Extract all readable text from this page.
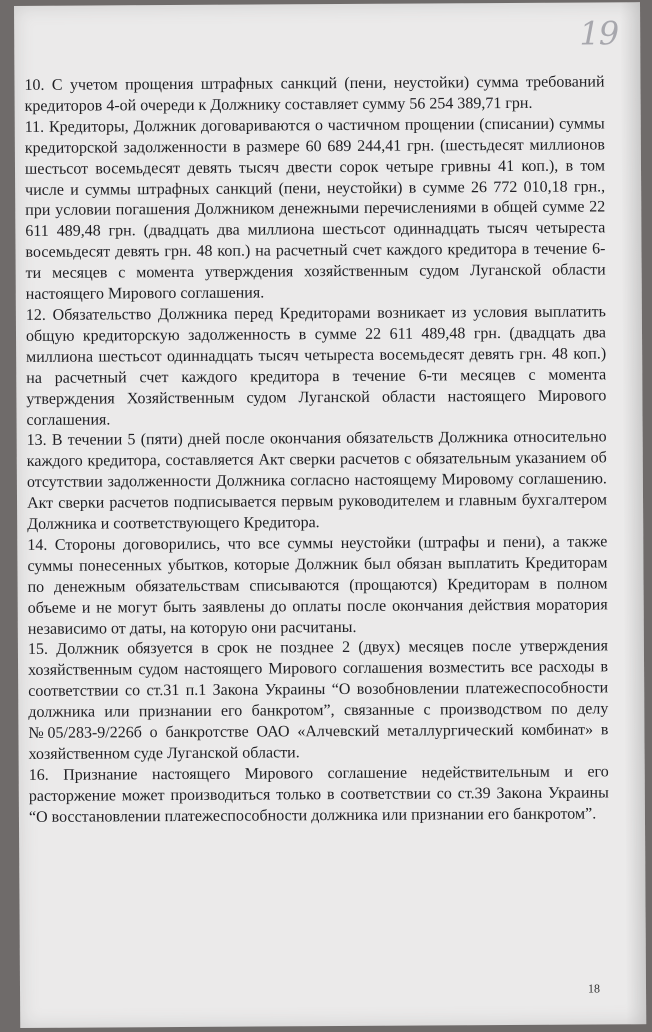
19

10. С учетом прощения штрафных санкций (пени, неустойки) сумма требований кредиторов 4-ой очереди к Должнику составляет сумму 56 254 389,71 грн.

11. Кредиторы, Должник договариваются о частичном прощении (списании) суммы кредиторской задолженности в размере 60 689 244,41 грн. (шестьдесят миллионов шестьсот восемьдесят девять тысяч двести сорок четыре гривны 41 коп.), в том числе и суммы штрафных санкций (пени, неустойки) в сумме 26 772 010,18 грн., при условии погашения Должником денежными перечислениями в общей сумме 22 611 489,48 грн. (двадцать два миллиона шестьсот одиннадцать тысяч четыреста восемьдесят девять грн. 48 коп.) на расчетный счет каждого кредитора в течение 6-ти месяцев с момента утверждения хозяйственным судом Луганской области настоящего Мирового соглашения.

12. Обязательство Должника перед Кредиторами возникает из условия выплатить общую кредиторскую задолженность в сумме 22 611 489,48 грн. (двадцать два миллиона шестьсот одиннадцать тысяч четыреста восемьдесят девять грн. 48 коп.) на расчетный счет каждого кредитора в течение 6-ти месяцев с момента утверждения Хозяйственным судом Луганской области настоящего Мирового соглашения.

13. В течении 5 (пяти) дней после окончания обязательств Должника относительно каждого кредитора, составляется Акт сверки расчетов с обязательным указанием об отсутствии задолженности Должника согласно настоящему Мировому соглашению. Акт сверки расчетов подписывается первым руководителем и главным бухгалтером Должника и соответствующего Кредитора.

14. Стороны договорились, что все суммы неустойки (штрафы и пени), а также суммы понесенных убытков, которые Должник был обязан выплатить Кредиторам по денежным обязательствам списываются (прощаются) Кредиторам в полном объеме и не могут быть заявлены до оплаты после окончания действия моратория независимо от даты, на которую они расчитаны.

15. Должник обязуется в срок не позднее 2 (двух) месяцев после утверждения хозяйственным судом настоящего Мирового соглашения возместить все расходы в соответствии со ст.31 п.1 Закона Украины “О возобновлении платежеспособности должника или признании его банкротом”, связанные с производством по делу №05/283-9/226б о банкротстве ОАО «Алчевский металлургический комбинат» в хозяйственном суде Луганской области.

16. Признание настоящего Мирового соглашение недействительным и его расторжение может производиться только в соответствии со ст.39 Закона Украины “О восстановлении платежеспособности должника или признании его банкротом”.

18
